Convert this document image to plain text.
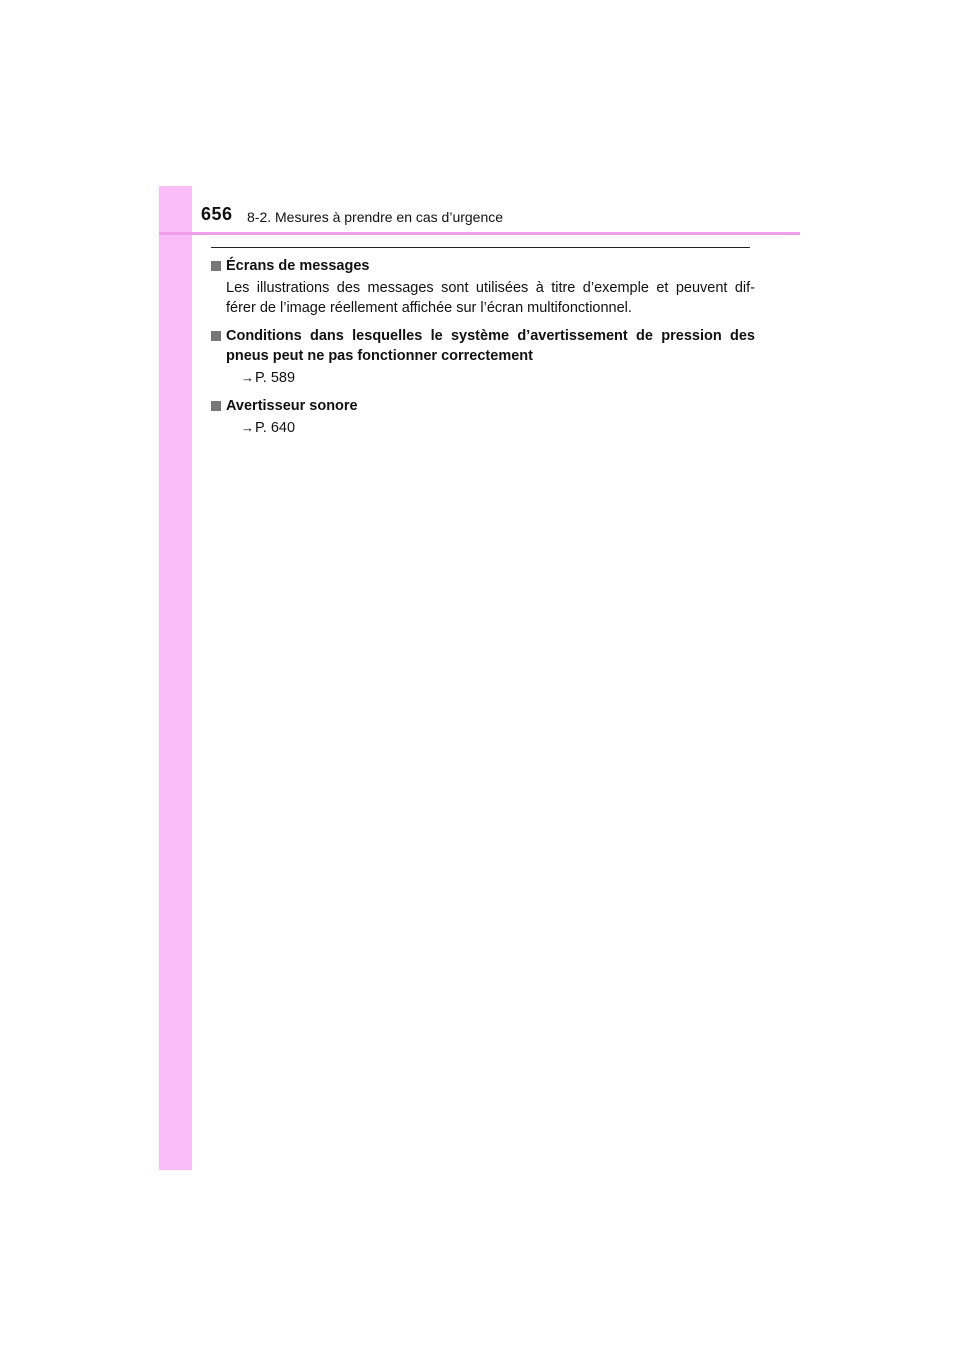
656 8-2. Mesures à prendre en cas d’urgence
Écrans de messages
Les illustrations des messages sont utilisées à titre d’exemple et peuvent dif-
férer de l’image réellement affichée sur l’écran multifonctionnel.
Conditions dans lesquelles le système d’avertissement de pression des
pneus peut ne pas fonctionner correctement
→P. 589
Avertisseur sonore
→P. 640
